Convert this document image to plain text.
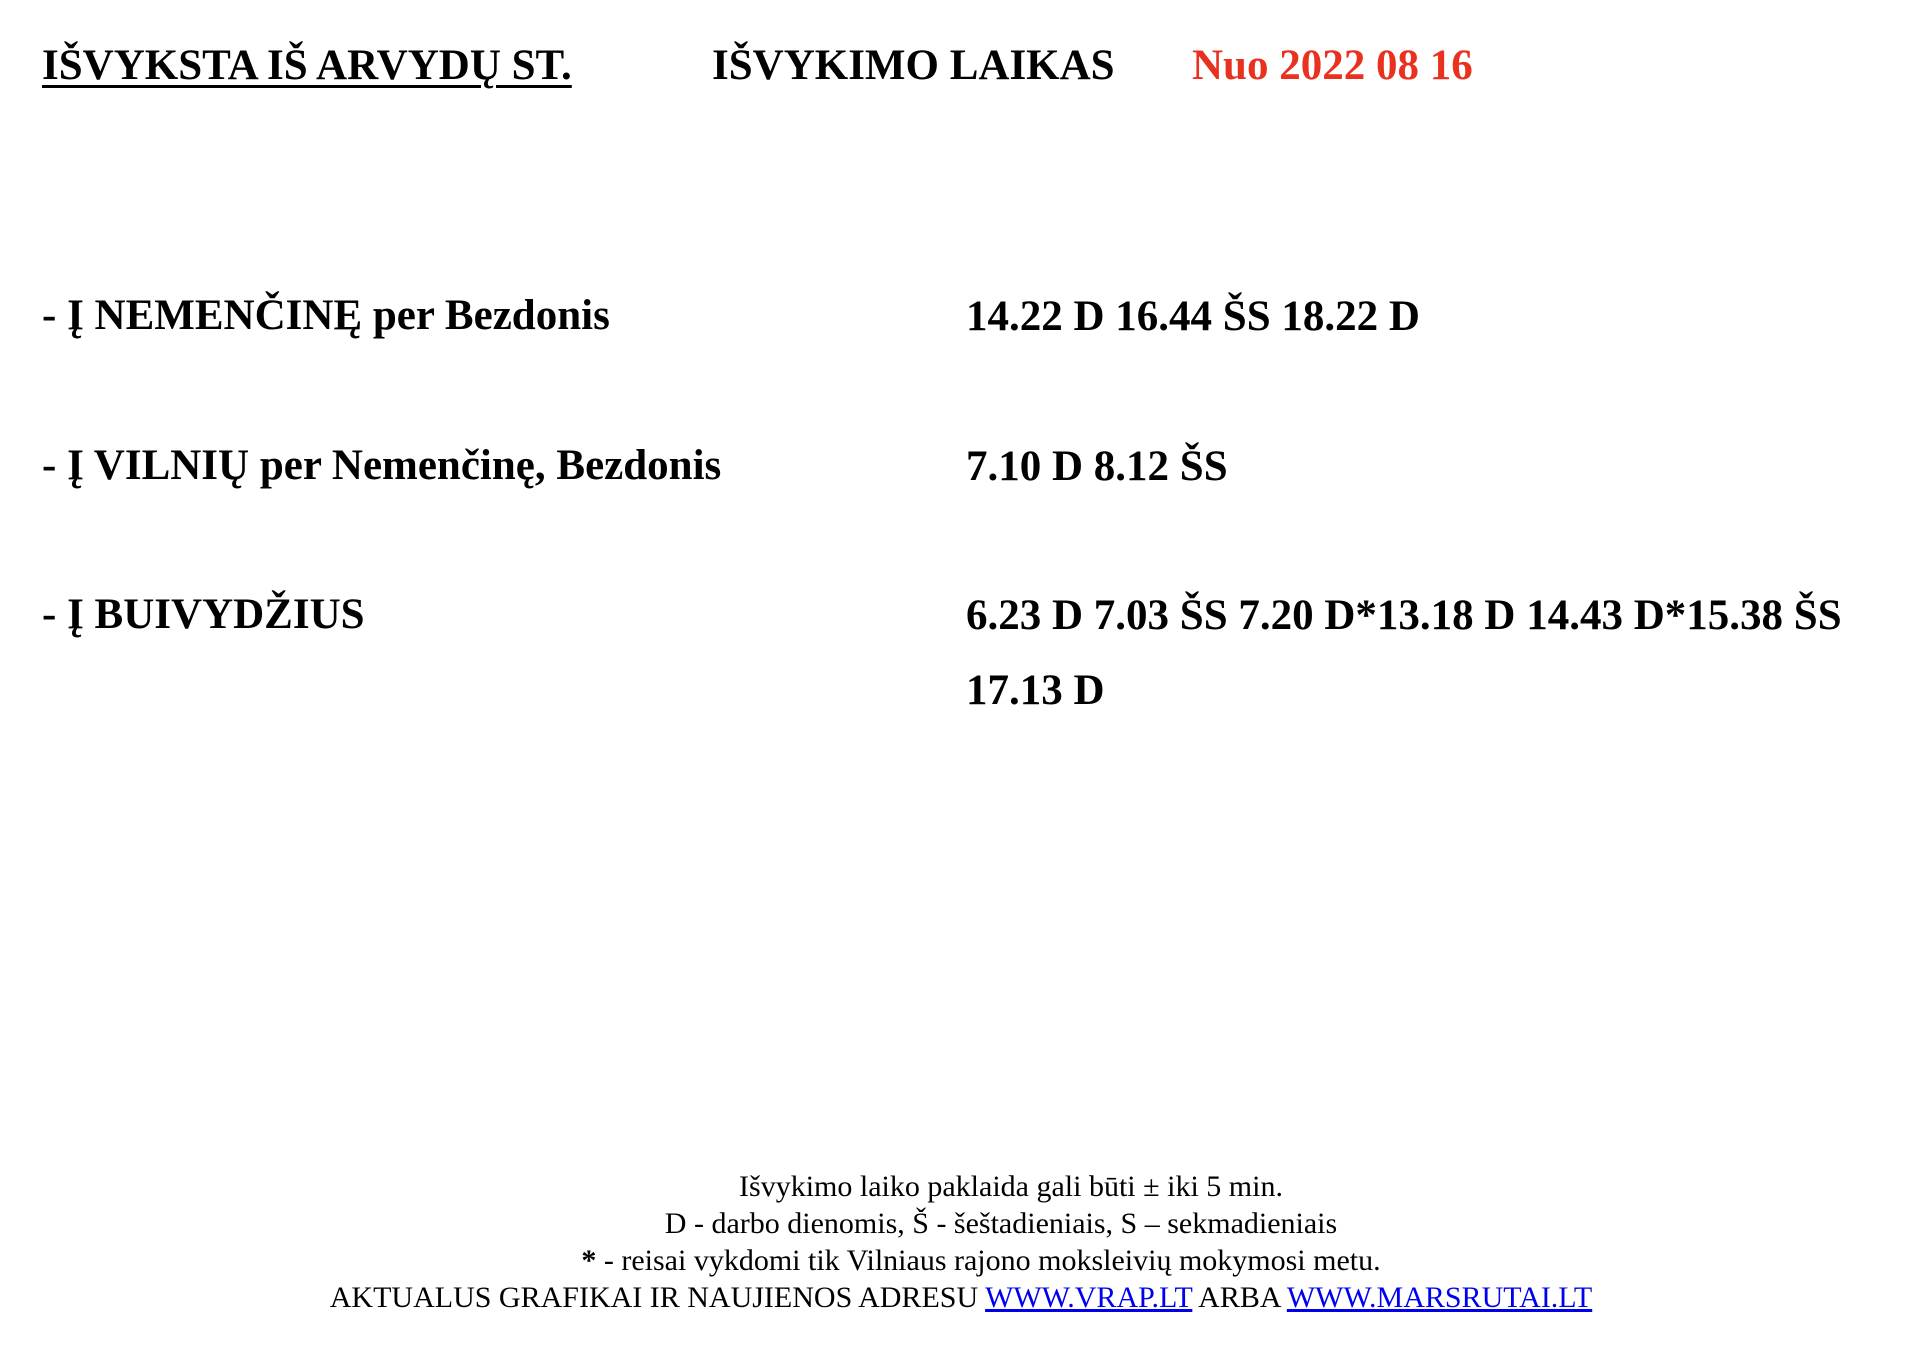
IŠVYKSTA IŠ ARVYDŲ ST.	IŠVYKIMO LAIKAS Nuo 2022 08 16
- Į NEMENČINĘ per Bezdonis	14.22 D 16.44 ŠS 18.22 D
- Į VILNIŲ per Nemenčinę, Bezdonis	7.10 D 8.12 ŠS
- Į BUIVYDŽIUS	6.23 D 7.03 ŠS 7.20 D*13.18 D 14.43 D*15.38 ŠS 17.13 D
Išvykimo laiko paklaida gali būti ± iki 5 min.
D - darbo dienomis, Š - šeštadieniais, S – sekmadieniais
* - reisai vykdomi tik Vilniaus rajono moksleivių mokymosi metu.
AKTUALUS GRAFIKAI IR NAUJIENOS ADRESU WWW.VRAP.LT ARBA WWW.MARSRUTAI.LT
